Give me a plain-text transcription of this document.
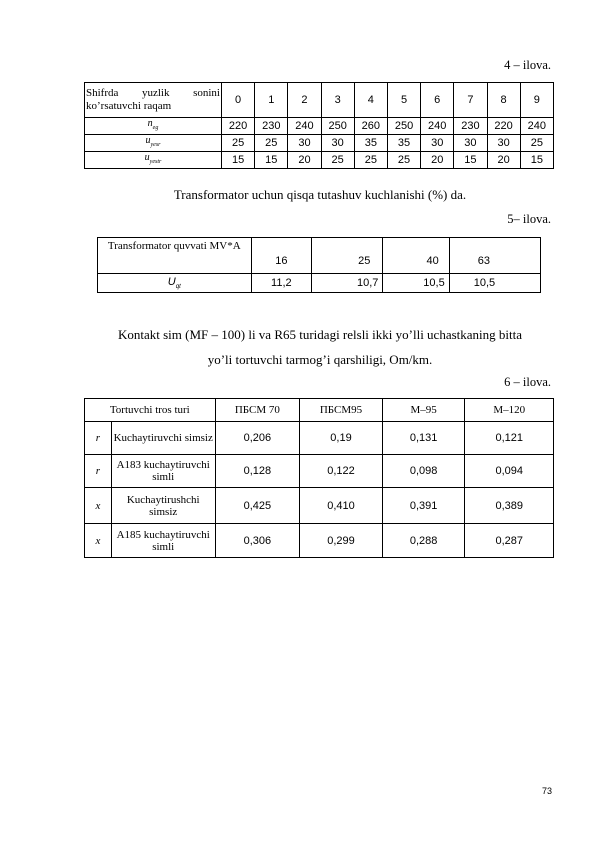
4 – ilova.
Shifrda yuzlik sonini ko’rsatuvchi raqam	0	1	2	3	4	5	6	7	8	9
$n_{eg}$	220	230	240	250	260	250	240	230	220	240
$u_{yesr}$	25	25	30	30	35	35	30	30	30	25
$u_{yestr}$	15	15	20	25	25	25	20	15	20	15
Transformator uchun qisqa tutashuv kuchlanishi (%) da.
5– ilova.
Transformator quvvati MV*A	16	25	40	63
$U_{qt}$	11,2	10,7	10,5	10,5
Kontakt sim (MF – 100) li va R65 turidagi relsli ikki yo’lli uchastkaning bitta
yo’li tortuvchi tarmog’i qarshiligi, Om/km.
6 – ilova.
Tortuvchi tros turi		ПБСМ 70	ПБСМ95	М–95	М–120
r	Kuchaytiruvchi simsiz	0,206	0,19	0,131	0,121
r	A183 kuchaytiruvchi simli	0,128	0,122	0,098	0,094
x	Kuchaytirushchi simsiz	0,425	0,410	0,391	0,389
x	A185 kuchaytiruvchi simli	0,306	0,299	0,288	0,287
73
